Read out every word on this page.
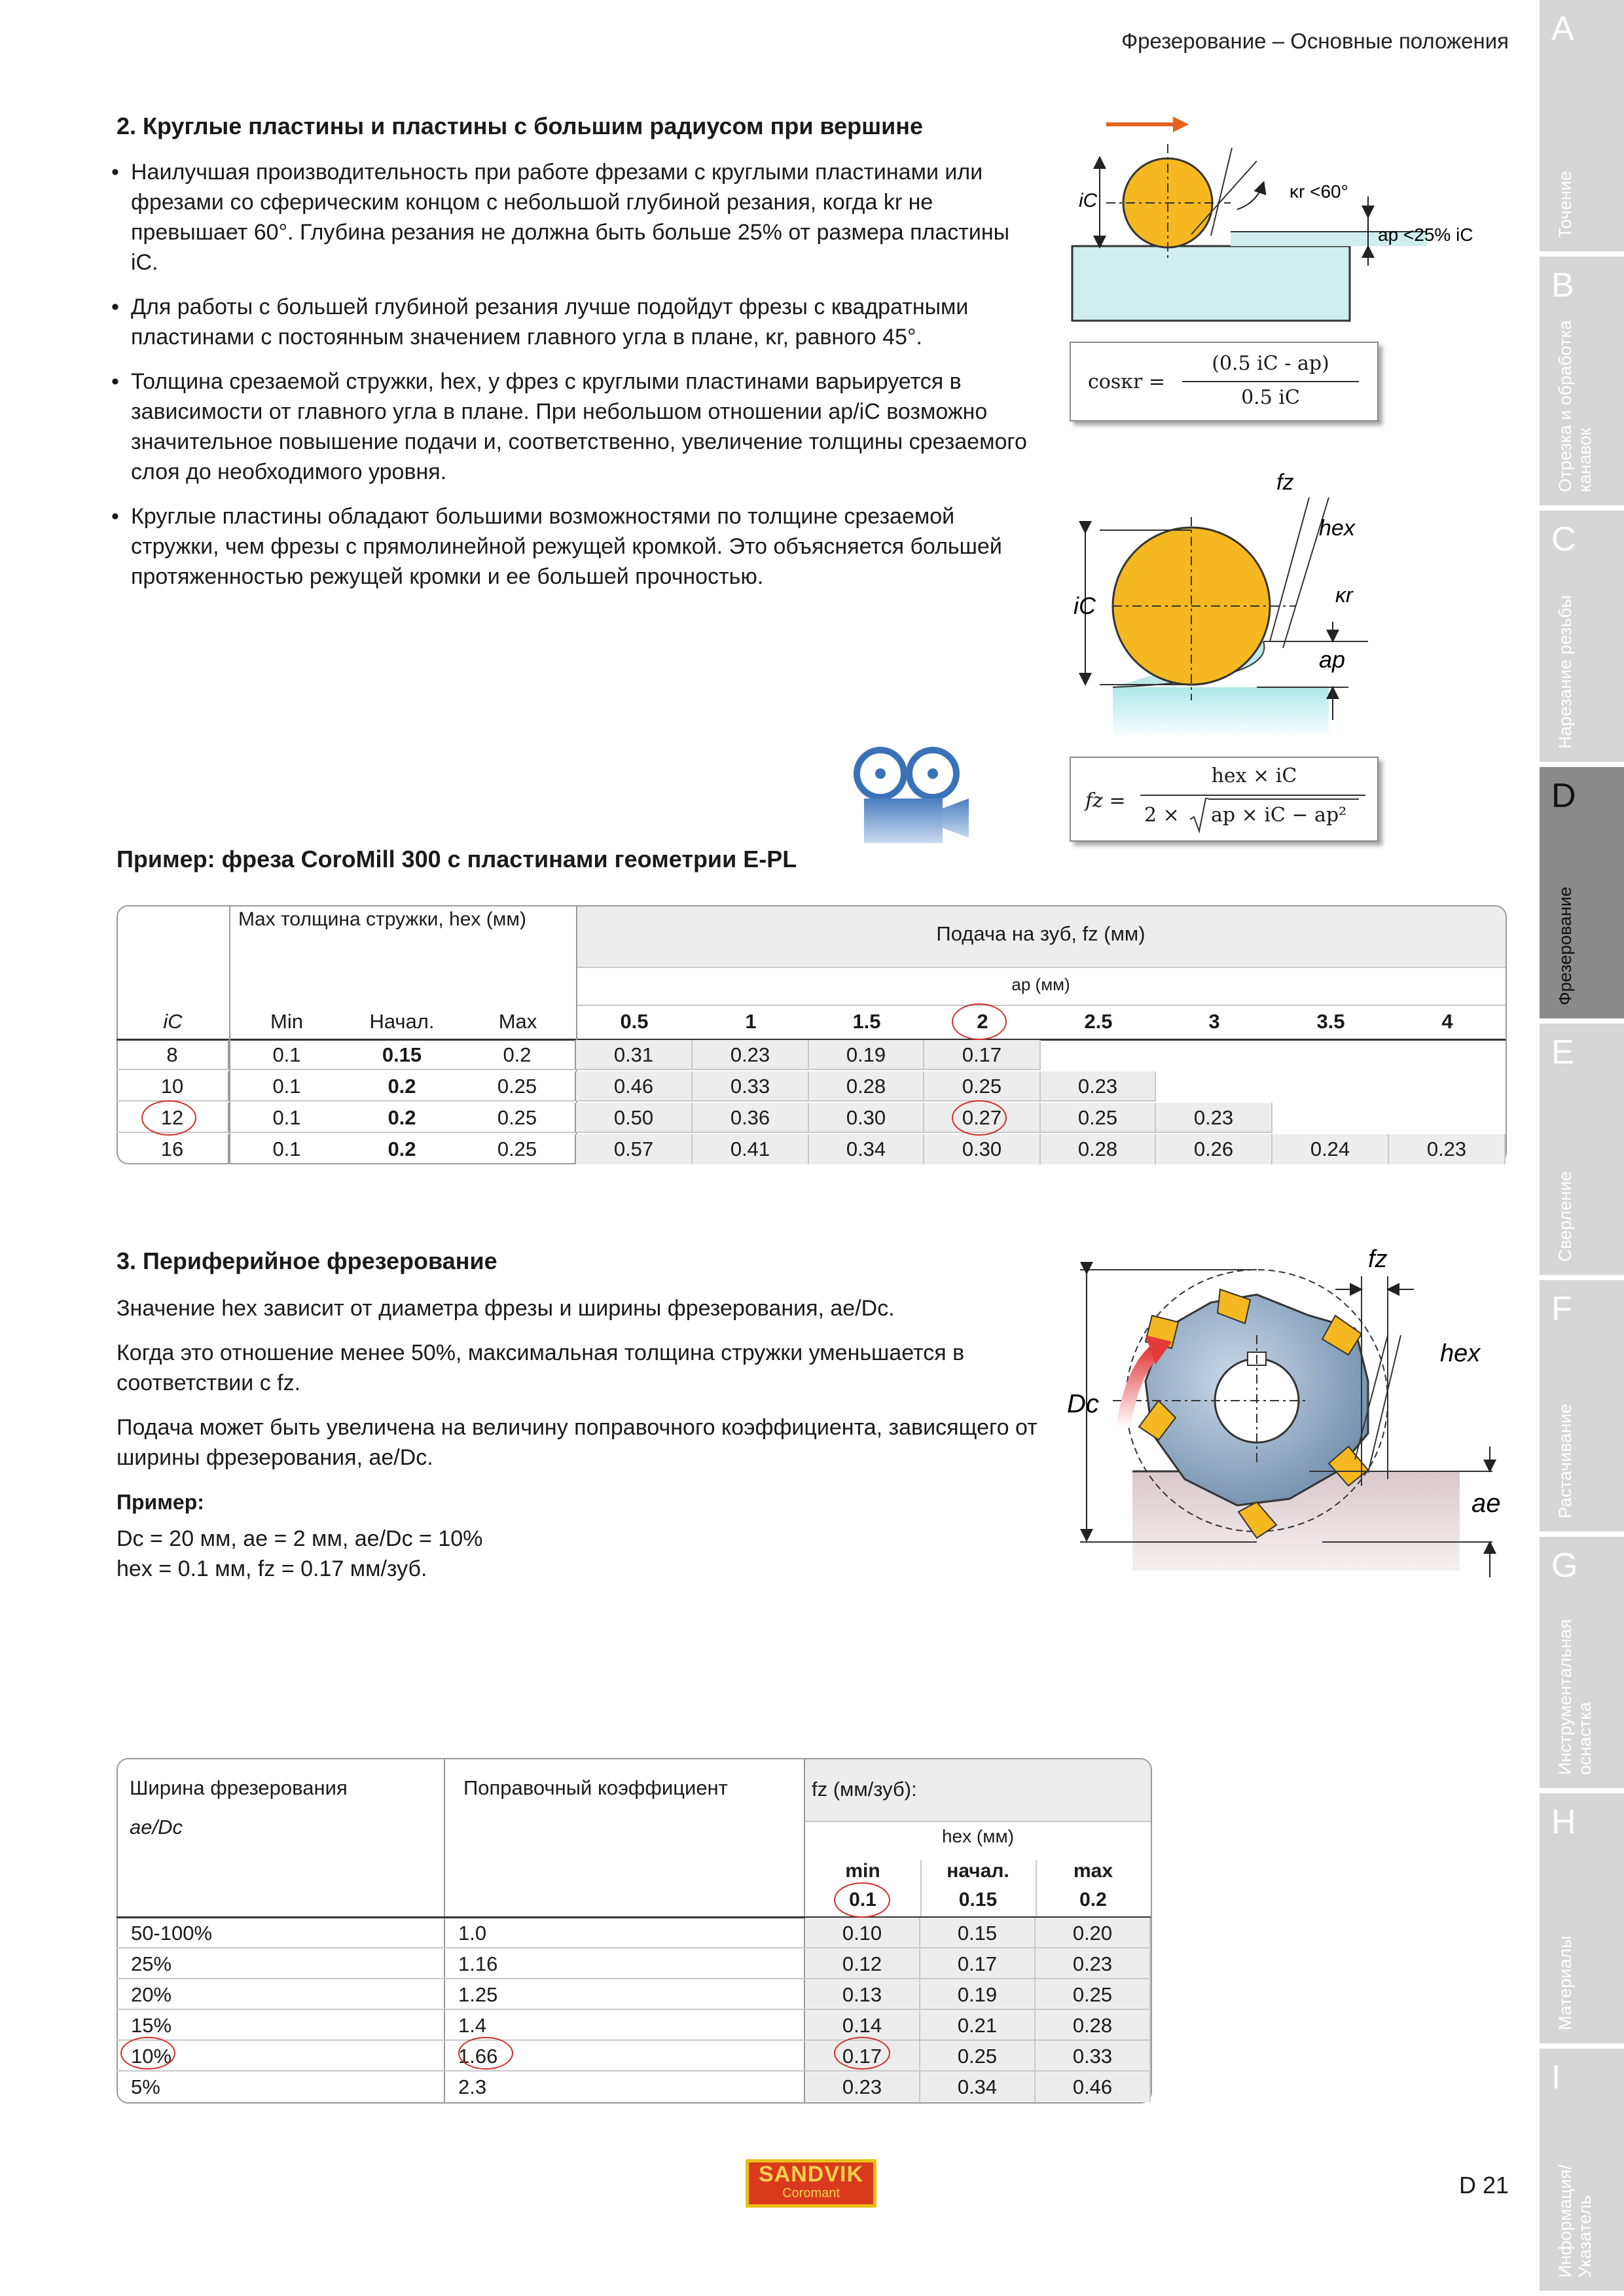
Фрезерование – Основные положения
2. Круглые пластины и пластины с большим радиусом при вершине
• Наилучшая производительность при работе фрезами с круглыми пластинами или фрезами со сферическим концом с небольшой глубиной резания, когда kr не превышает 60°. Глубина резания не должна быть больше 25% от размера пластины iC.
• Для работы с большей глубиной резания лучше подойдут фрезы с квадратными пластинами с постоянным значением главного угла в плане, κr, равного 45°.
• Толщина срезаемой стружки, hex, у фрез с круглыми пластинами варьируется в зависимости от главного угла в плане. При небольшом отношении ap/iC возможно значительное повышение подачи и, соответственно, увеличение толщины срезаемого слоя до необходимого уровня.
• Круглые пластины обладают большими возможностями по толщине срезаемой стружки, чем фрезы с прямолинейной режущей кромкой. Это объясняется большей протяженностью режущей кромки и ее большей прочностью.
iC	κr <60°
ap <25% iC
cosκr =
(0.5 iC - ap)
0.5 iC
iC
fz
hex
κr
ap
fz =
hex × iC
2 × ap × iC − ap²
Пример: фреза CoroMill 300 с пластинами геометрии E-PL
Max толщина стружки, hex (мм)
Подача на зуб, fz (мм)
ap (мм)
iC	Min	Начал.	Max	0.5	1	1.5	2	2.5	3	3.5	4
8	0.1	0.15	0.2	0.31	0.23	0.19	0.17
10	0.1	0.2	0.25	0.46	0.33	0.28	0.25	0.23
12	0.1	0.2	0.25	0.50	0.36	0.30	0.27	0.25	0.23
16	0.1	0.2	0.25	0.57	0.41	0.34	0.30	0.28	0.26	0.24	0.23
3. Периферийное фрезерование

Значение hex зависит от диаметра фрезы и ширины фрезерования, ae/Dc.

Когда это отношение менее 50%, максимальная толщина стружки уменьшается в соответствии с fz.

Подача может быть увеличена на величину поправочного коэффициента, зависящего от ширины фрезерования, ae/Dc.

Пример:
Dc = 20 мм, ae = 2 мм, ae/Dc = 10%
hex = 0.1 мм, fz = 0.17 мм/зуб.
Dc
fz
hex
ae
Ширина фрезерования
ae/Dc
Поправочный коэффициент	fz (мм/зуб):
hex (мм)
min
0.1
начал.
0.15
max
0.2
50-100%	1.0	0.10	0.15	0.20
25%	1.16	0.12	0.17	0.23
20%	1.25	0.13	0.19	0.25
15%	1.4	0.14	0.21	0.28
10%	1.66	0.17	0.25	0.33
5%	2.3	0.23	0.34	0.46
A
Точение
B
Отрезка и обработка канавок
C
Нарезание резьбы
D
Фрезерование
E
Сверление
F
Растачивание
G
Инструментальная оснастка
H
Материалы
I
Информация/ Указатель
SANDVIK
Coromant	D 21
